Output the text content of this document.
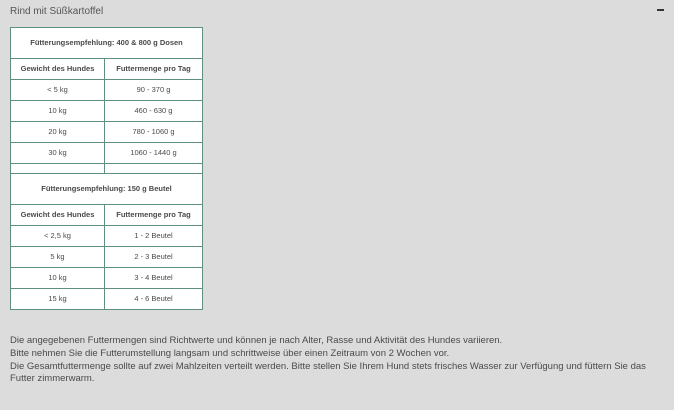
Rind mit Süßkartoffel
Fütterungsempfehlung: 400 & 800 g Dosen	
Gewicht des Hundes	Futtermenge pro Tag
< 5 kg	90 - 370 g
10 kg	460 - 630 g
20 kg	780 - 1060 g
30 kg	1060 - 1440 g

Fütterungsempfehlung: 150 g Beutel	
Gewicht des Hundes	Futtermenge pro Tag
< 2,5 kg	1 - 2 Beutel
5 kg	2 - 3 Beutel
10 kg	3 - 4 Beutel
15 kg	4 - 6 Beutel

Die angegebenen Futtermengen sind Richtwerte und können je nach Alter, Rasse und Aktivität des Hundes variieren.

Bitte nehmen Sie die Futterumstellung langsam und schrittweise über einen Zeitraum von 2 Wochen vor.

Die Gesamtfuttermenge sollte auf zwei Mahlzeiten verteilt werden. Bitte stellen Sie Ihrem Hund stets frisches Wasser zur Verfügung und füttern Sie das Futter zimmerwarm.
